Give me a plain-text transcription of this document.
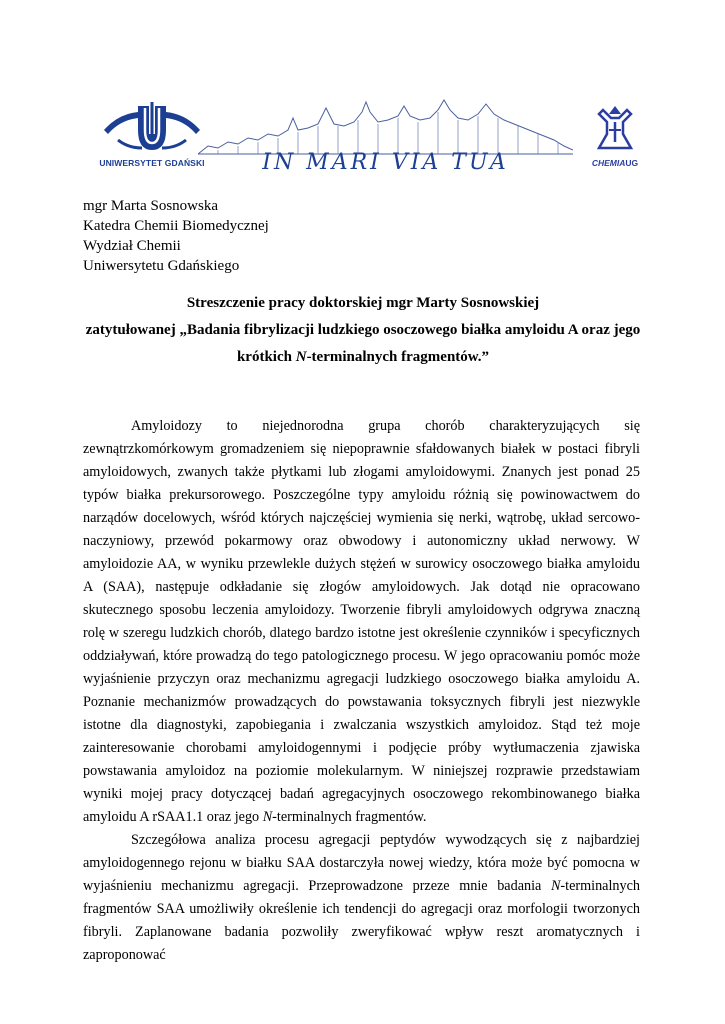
UNIWERSYTET GDAŃSKI	IN MARI VIA TUA	CHEMIAUG
mgr Marta Sosnowska
Katedra Chemii Biomedycznej
Wydział Chemii
Uniwersytetu Gdańskiego
Streszczenie pracy doktorskiej mgr Marty Sosnowskiej
zatytułowanej „Badania fibrylizacji ludzkiego osoczowego białka amyloidu A oraz jego
krótkich N-terminalnych fragmentów.”

Amyloidozy to niejednorodna grupa chorób charakteryzujących się zewnątrzkomórkowym gromadzeniem się niepoprawnie sfałdowanych białek w postaci fibryli amyloidowych, zwanych także płytkami lub złogami amyloidowymi. Znanych jest ponad 25 typów białka prekursorowego. Poszczególne typy amyloidu różnią się powinowactwem do narządów docelowych, wśród których najczęściej wymienia się nerki, wątrobę, układ sercowo-naczyniowy, przewód pokarmowy oraz obwodowy i autonomiczny układ nerwowy. W amyloidozie AA, w wyniku przewlekle dużych stężeń w surowicy osoczowego białka amyloidu A (SAA), następuje odkładanie się złogów amyloidowych. Jak dotąd nie opracowano skutecznego sposobu leczenia amyloidozy. Tworzenie fibryli amyloidowych odgrywa znaczną rolę w szeregu ludzkich chorób, dlatego bardzo istotne jest określenie czynników i specyficznych oddziaływań, które prowadzą do tego patologicznego procesu. W jego opracowaniu pomóc może wyjaśnienie przyczyn oraz mechanizmu agregacji ludzkiego osoczowego białka amyloidu A. Poznanie mechanizmów prowadzących do powstawania toksycznych fibryli jest niezwykle istotne dla diagnostyki, zapobiegania i zwalczania wszystkich amyloidoz. Stąd też moje zainteresowanie chorobami amyloidogennymi i podjęcie próby wytłumaczenia zjawiska powstawania amyloidoz na poziomie molekularnym. W niniejszej rozprawie przedstawiam wyniki mojej pracy dotyczącej badań agregacyjnych osoczowego rekombinowanego białka amyloidu A rSAA1.1 oraz jego N-terminalnych fragmentów.

Szczegółowa analiza procesu agregacji peptydów wywodzących się z najbardziej amyloidogennego rejonu w białku SAA dostarczyła nowej wiedzy, która może być pomocna w wyjaśnieniu mechanizmu agregacji. Przeprowadzone przeze mnie badania N-terminalnych fragmentów SAA umożliwiły określenie ich tendencji do agregacji oraz morfologii tworzonych fibryli. Zaplanowane badania pozwoliły zweryfikować wpływ reszt aromatycznych i zaproponować
